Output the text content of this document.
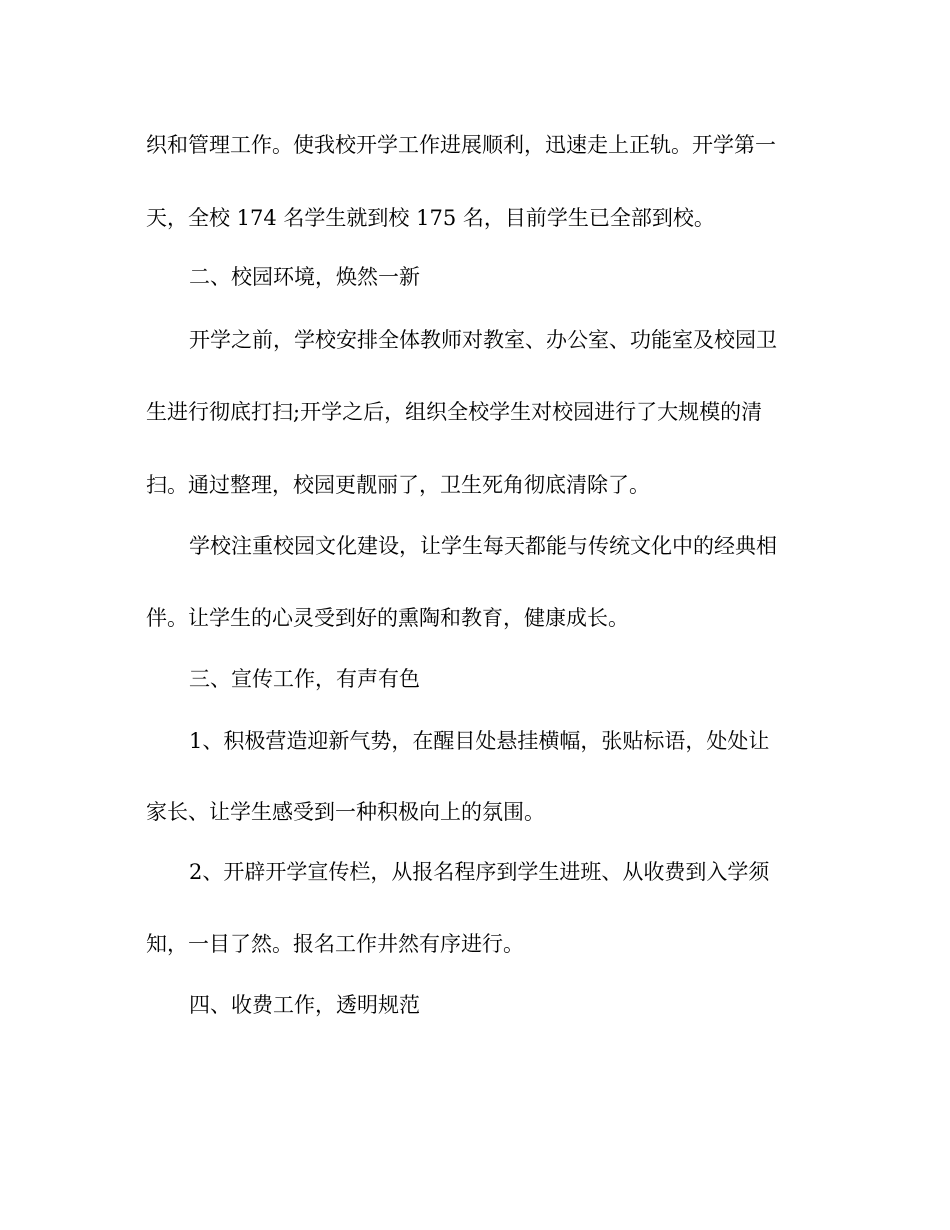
织和管理工作。使我校开学工作进展顺利，迅速走上正轨。开学第一
天，全校 174 名学生就到校 175 名，目前学生已全部到校。
二、校园环境，焕然一新
开学之前，学校安排全体教师对教室、办公室、功能室及校园卫
生进行彻底打扫;开学之后，组织全校学生对校园进行了大规模的清
扫。通过整理，校园更靓丽了，卫生死角彻底清除了。
学校注重校园文化建设，让学生每天都能与传统文化中的经典相
伴。让学生的心灵受到好的熏陶和教育，健康成长。
三、宣传工作，有声有色
1、积极营造迎新气势，在醒目处悬挂横幅，张贴标语，处处让
家长、让学生感受到一种积极向上的氛围。
2、开辟开学宣传栏，从报名程序到学生进班、从收费到入学须
知，一目了然。报名工作井然有序进行。
四、收费工作，透明规范
